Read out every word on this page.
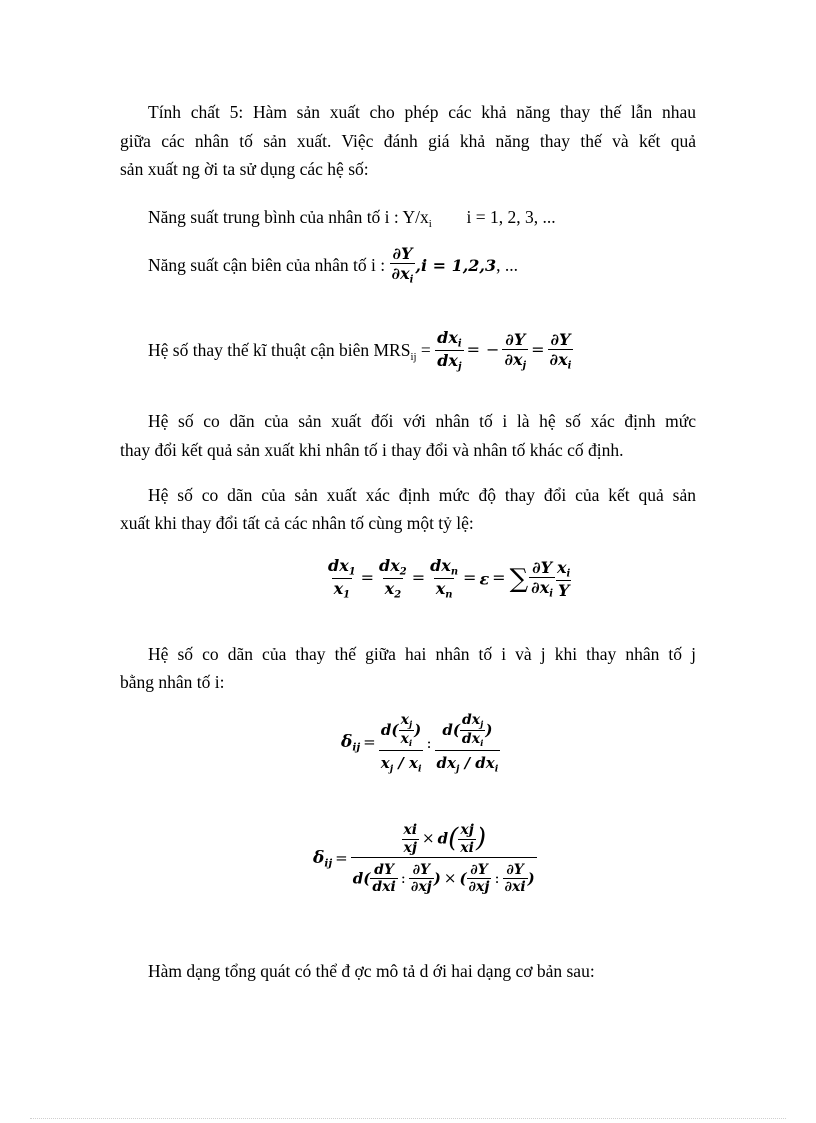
Tính chất 5: Hàm sản xuất cho phép các khả năng thay thế lẫn nhau
giữa các nhân tố sản xuất. Việc đánh giá khả năng thay thế và kết quả
sản xuất ng ời ta sử dụng các hệ số:
Năng suất trung bình của nhân tố i : $Y/x_i$ i = 1, 2, 3, ...
Năng suất cận biên của nhân tố i : $\frac{\partial Y}{\partial x_i} ,i = 1,2,3$, ...
Hệ số thay thế kĩ thuật cận biên $MRS_{ij} = \frac{dx_i}{dx_j}$ = − $\frac{\partial Y}{\partial x_j} = \frac{\partial Y}{\partial x_i}$
Hệ số co dãn của sản xuất đối với nhân tố i là hệ số xác định mức
thay đổi kết quả sản xuất khi nhân tố i thay đổi và nhân tố khác cố định.
Hệ số co dãn của sản xuất xác định mức độ thay đổi của kết quả sản
xuất khi thay đổi tất cả các nhân tố cùng một tỷ lệ:
$\frac{dx_1}{x_1} = \frac{dx_2}{x_2} = \frac{dx_n}{x_n} = \varepsilon$ = ∑ $\frac{\partial Y}{\partial x_i} \frac{x_i}{Y}$
Hệ số co dãn của thay thế giữa hai nhân tố i và j khi thay nhân tố j
bằng nhân tố i:
$\delta_{ij} = \frac{d( \frac{x_j}{x_i} )}{x_j / x_i}$ : $\frac{d( \frac{dx_j}{dx_i} )}{dx_j / dx_i}$
$\delta_{ij} = \frac{\frac{xi}{xj} \times d( \frac{xj}{xi} )}{d( \frac{dY}{\text{dxi}} : \frac{\partial Y}{\partial xj} ) \times ( \frac{\partial Y}{\partial xj} : \frac{\partial Y}{\partial xi} )}$
Hàm dạng tổng quát có thể đ ợc mô tả d ới hai dạng cơ bản sau:
